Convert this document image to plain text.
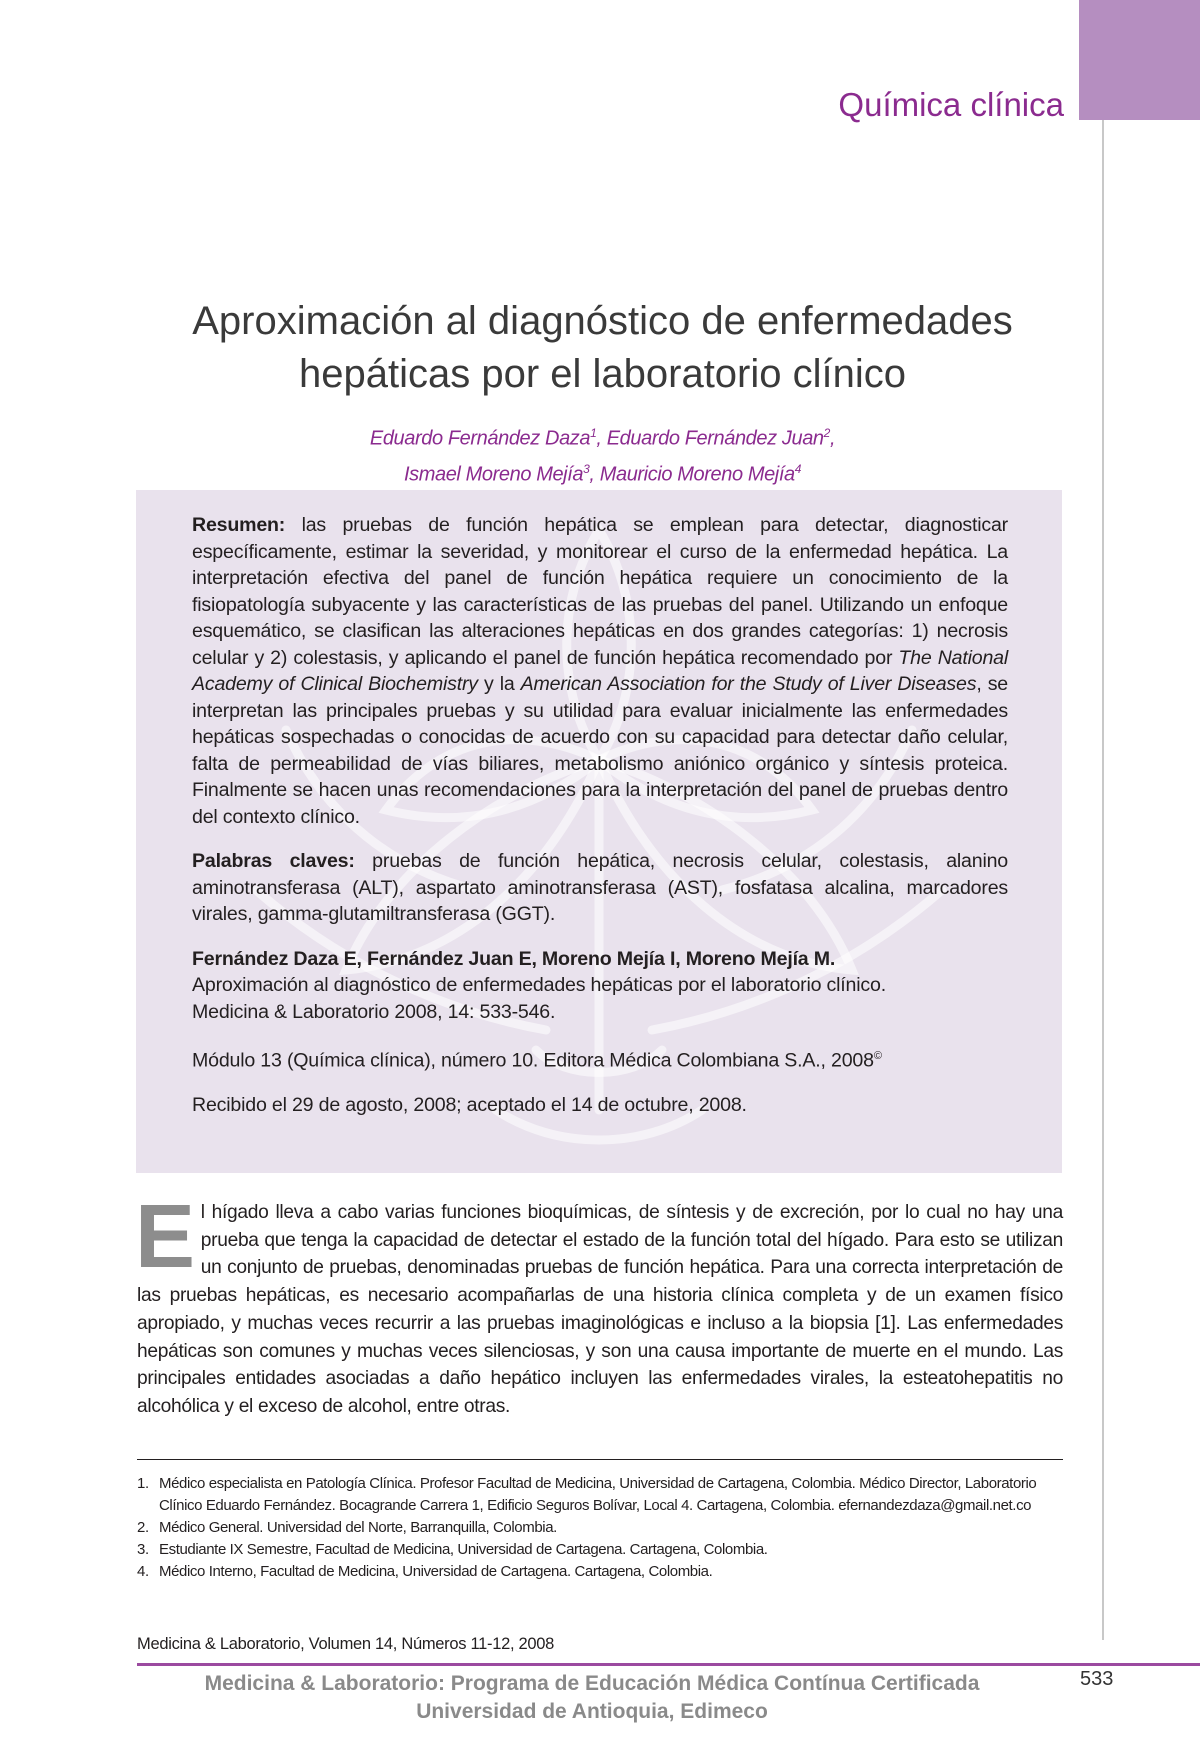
Química clínica
Aproximación al diagnóstico de enfermedades
hepáticas por el laboratorio clínico
Eduardo Fernández Daza$^1$, Eduardo Fernández Juan$^2$,
Ismael Moreno Mejía$^3$, Mauricio Moreno Mejía$^4$

Resumen: las pruebas de función hepática se emplean para detectar, diagnosticar específicamente, estimar la severidad, y monitorear el curso de la enfermedad hepática. La interpretación efectiva del panel de función hepática requiere un conocimiento de la fisiopatología subyacente y las características de las pruebas del panel. Utilizando un enfoque esquemático, se clasifican las alteraciones hepáticas en dos grandes categorías: 1) necrosis celular y 2) colestasis, y aplicando el panel de función hepática recomendado por The National Academy of Clinical Biochemistry y la American Association for the Study of Liver Diseases, se interpretan las principales pruebas y su utilidad para evaluar inicialmente las enfermedades hepáticas sospechadas o conocidas de acuerdo con su capacidad para detectar daño celular, falta de permeabilidad de vías biliares, metabolismo aniónico orgánico y síntesis proteica. Finalmente se hacen unas recomendaciones para la interpretación del panel de pruebas dentro del contexto clínico.

Palabras claves: pruebas de función hepática, necrosis celular, colestasis, alanino aminotransferasa (ALT), aspartato aminotransferasa (AST), fosfatasa alcalina, marcadores virales, gamma-glutamiltransferasa (GGT).

Fernández Daza E, Fernández Juan E, Moreno Mejía I, Moreno Mejía M.
Aproximación al diagnóstico de enfermedades hepáticas por el laboratorio clínico.
Medicina & Laboratorio 2008, 14: 533-546.

Módulo 13 (Química clínica), número 10. Editora Médica Colombiana S.A., 2008©

Recibido el 29 de agosto, 2008; aceptado el 14 de octubre, 2008.

El hígado lleva a cabo varias funciones bioquímicas, de síntesis y de excreción, por lo cual no hay una prueba que tenga la capacidad de detectar el estado de la función total del hígado. Para esto se utilizan un conjunto de pruebas, denominadas pruebas de función hepática. Para una correcta interpretación de las pruebas hepáticas, es necesario acompañarlas de una historia clínica completa y de un examen físico apropiado, y muchas veces recurrir a las pruebas imaginológicas e incluso a la biopsia [1]. Las enfermedades hepáticas son comunes y muchas veces silenciosas, y son una causa importante de muerte en el mundo. Las principales entidades asociadas a daño hepático incluyen las enfermedades virales, la esteatohepatitis no alcohólica y el exceso de alcohol, entre otras.
1. Médico especialista en Patología Clínica. Profesor Facultad de Medicina, Universidad de Cartagena, Colombia. Médico Director, Laboratorio Clínico Eduardo Fernández. Bocagrande Carrera 1, Edificio Seguros Bolívar, Local 4. Cartagena, Colombia. efernandezdaza@gmail.net.co
2. Médico General. Universidad del Norte, Barranquilla, Colombia.
3. Estudiante IX Semestre, Facultad de Medicina, Universidad de Cartagena. Cartagena, Colombia.
4. Médico Interno, Facultad de Medicina, Universidad de Cartagena. Cartagena, Colombia.
Medicina & Laboratorio, Volumen 14, Números 11-12, 2008
Medicina & Laboratorio: Programa de Educación Médica Contínua Certificada
Universidad de Antioquia, Edimeco
533
